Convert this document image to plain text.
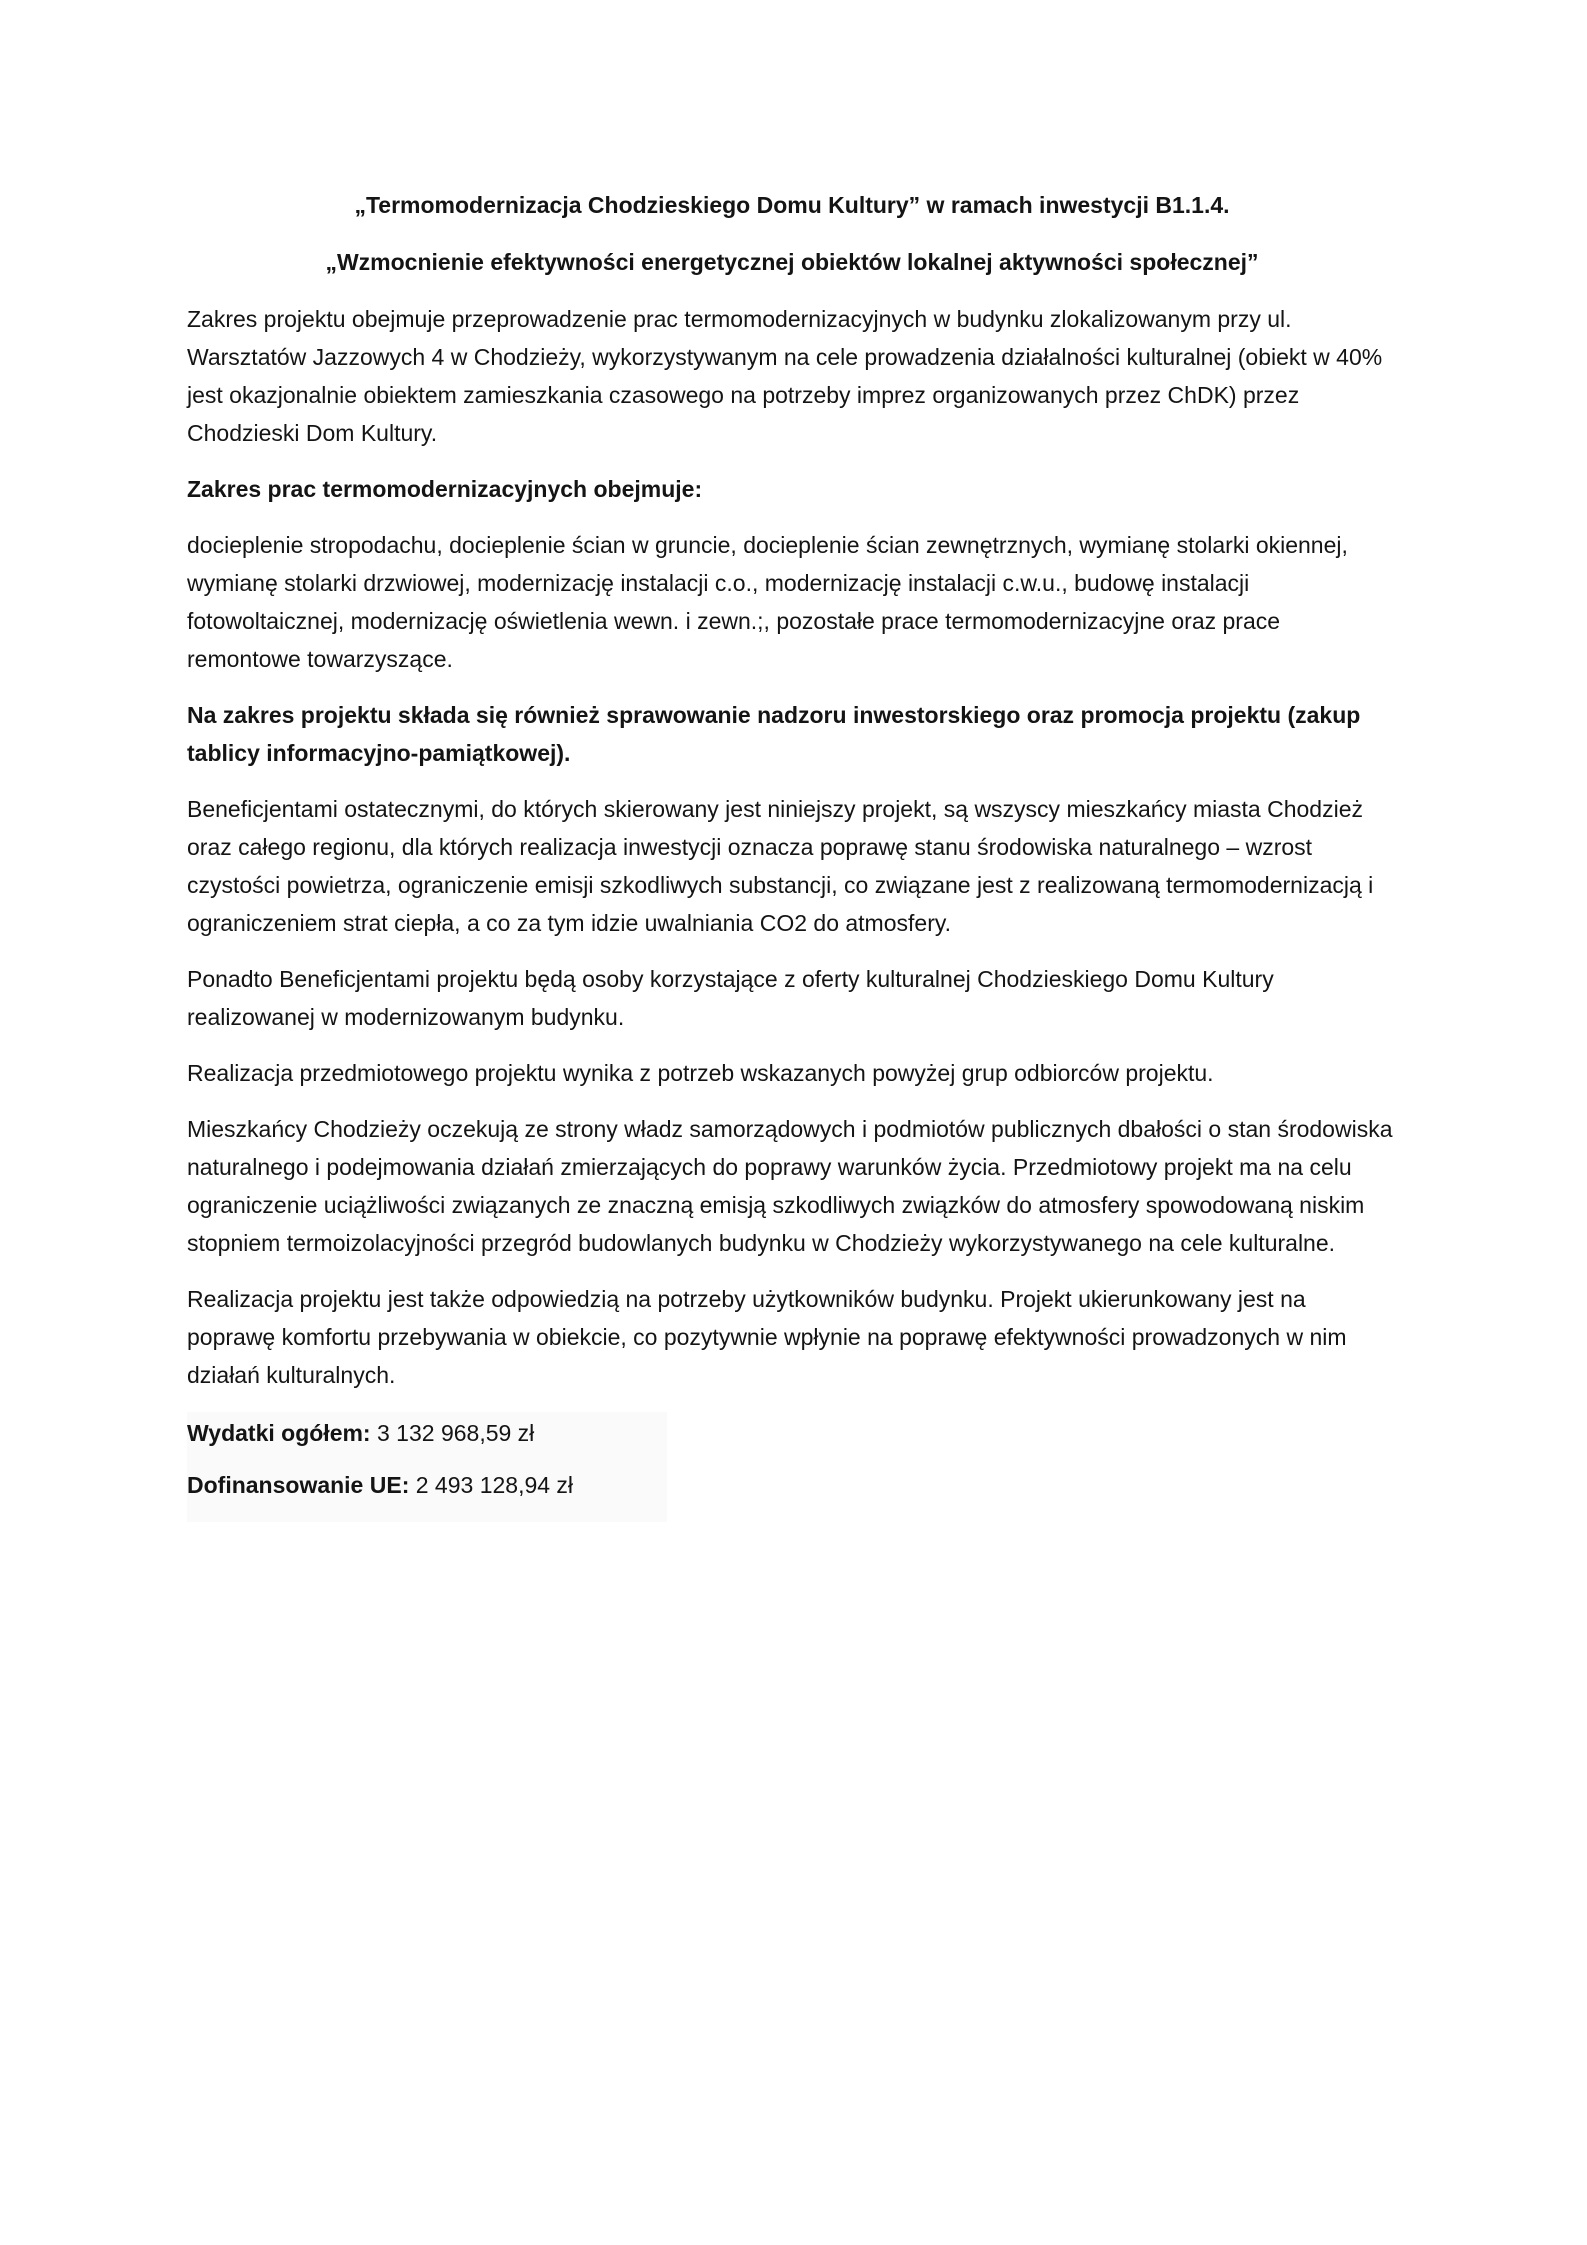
„Termomodernizacja Chodzieskiego Domu Kultury” w ramach inwestycji B1.1.4.
„Wzmocnienie efektywności energetycznej obiektów lokalnej aktywności społecznej”

Zakres projektu obejmuje przeprowadzenie prac termomodernizacyjnych w budynku zlokalizowanym przy ul. Warsztatów Jazzowych 4 w Chodzieży, wykorzystywanym na cele prowadzenia działalności kulturalnej (obiekt w 40% jest okazjonalnie obiektem zamieszkania czasowego na potrzeby imprez organizowanych przez ChDK) przez Chodzieski Dom Kultury.

Zakres prac termomodernizacyjnych obejmuje:

docieplenie stropodachu, docieplenie ścian w gruncie, docieplenie ścian zewnętrznych, wymianę stolarki okiennej, wymianę stolarki drzwiowej, modernizację instalacji c.o., modernizację instalacji c.w.u., budowę instalacji fotowoltaicznej, modernizację oświetlenia wewn. i zewn.;, pozostałe prace termomodernizacyjne oraz prace remontowe towarzyszące.

Na zakres projektu składa się również sprawowanie nadzoru inwestorskiego oraz promocja projektu (zakup tablicy informacyjno-pamiątkowej).

Beneficjentami ostatecznymi, do których skierowany jest niniejszy projekt, są wszyscy mieszkańcy miasta Chodzież oraz całego regionu, dla których realizacja inwestycji oznacza poprawę stanu środowiska naturalnego – wzrost czystości powietrza, ograniczenie emisji szkodliwych substancji, co związane jest z realizowaną termomodernizacją i ograniczeniem strat ciepła, a co za tym idzie uwalniania CO2 do atmosfery.

Ponadto Beneficjentami projektu będą osoby korzystające z oferty kulturalnej Chodzieskiego Domu Kultury realizowanej w modernizowanym budynku.

Realizacja przedmiotowego projektu wynika z potrzeb wskazanych powyżej grup odbiorców projektu.

Mieszkańcy Chodzieży oczekują ze strony władz samorządowych i podmiotów publicznych dbałości o stan środowiska naturalnego i podejmowania działań zmierzających do poprawy warunków życia. Przedmiotowy projekt ma na celu ograniczenie uciążliwości związanych ze znaczną emisją szkodliwych związków do atmosfery spowodowaną niskim stopniem termoizolacyjności przegród budowlanych budynku w Chodzieży wykorzystywanego na cele kulturalne.

Realizacja projektu jest także odpowiedzią na potrzeby użytkowników budynku. Projekt ukierunkowany jest na poprawę komfortu przebywania w obiekcie, co pozytywnie wpłynie na poprawę efektywności prowadzonych w nim działań kulturalnych.

Wydatki ogółem: 3 132 968,59 zł

Dofinansowanie UE: 2 493 128,94 zł
